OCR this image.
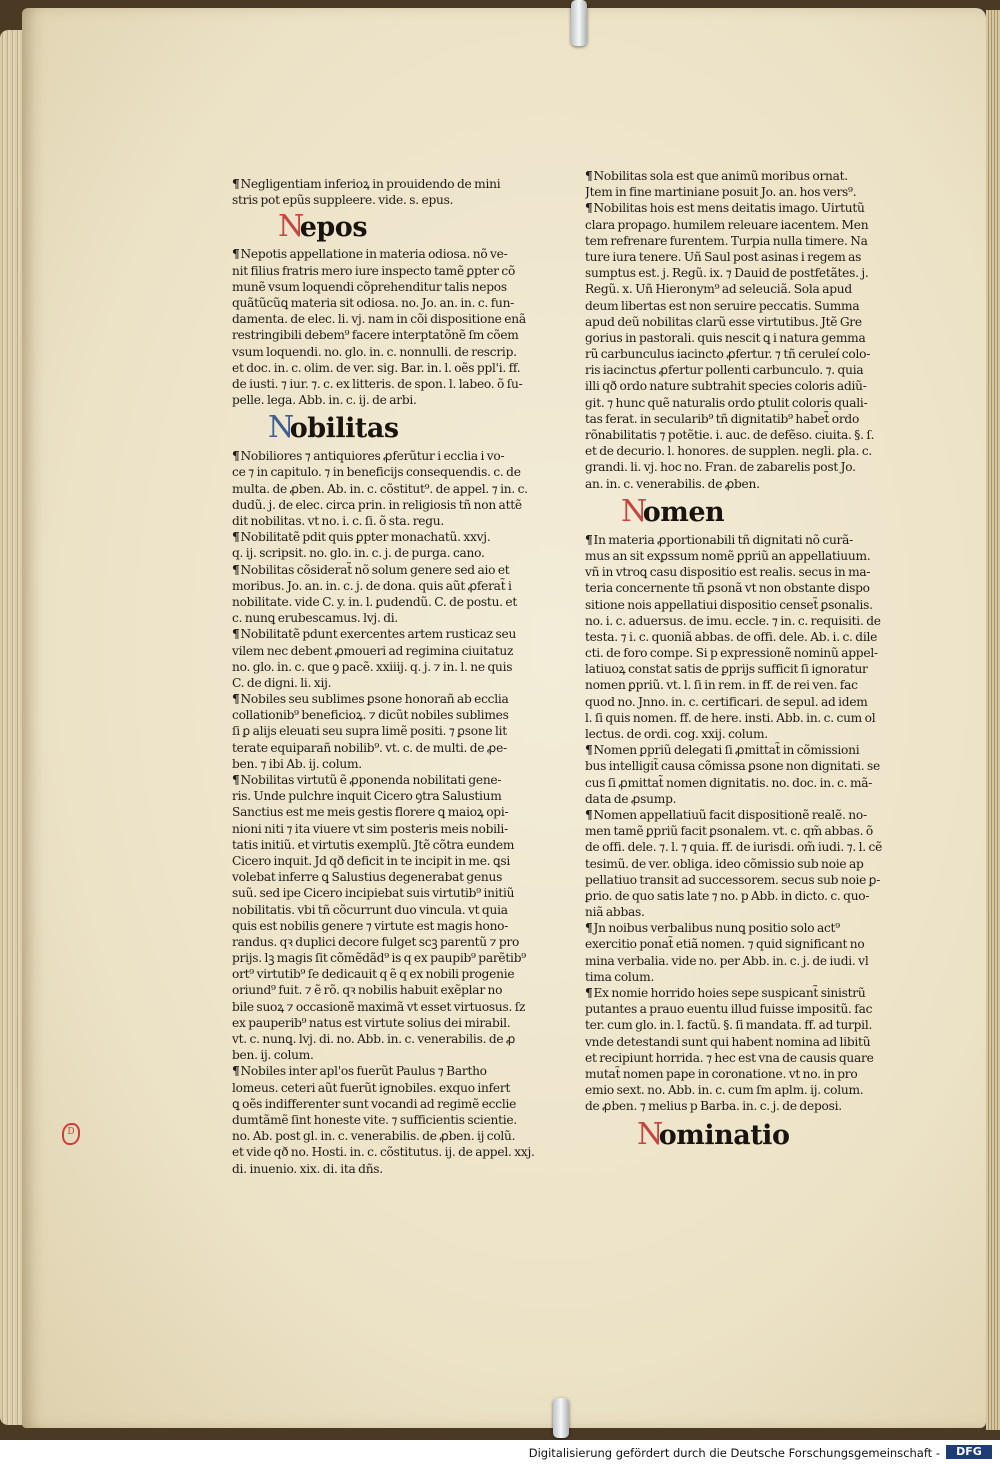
D
¶Negligentiam inferioꝝ in prouidendo de mini
stris pot epũs suppleere. vide. s. epus.
Nepos
¶Nepotis appellatione in materia odiosa. nõ ve-
nit filius fratris mero iure inspecto tamẽ ꝑpter cõ
munẽ vsum loquendi cõprehenditur talis nepos
quãtũcũꝗ materia sit odiosa. no. Jo. an. in. c. fun-
damenta. de elec. li. vj. nam in cõi dispositione enã
restringibili debem⁹ facere interptatõnẽ ſm cõem
vsum loquendi. no. glo. in. c. nonnulli. de rescrip.
et doc. in. c. olim. de ver. sig. Bar. in. l. oẽs ppl'i. ff.
de iusti. ⁊ iur. ⁊. c. ex litteris. de spon. l. labeo. õ ſu-
pelle. lega. Abb. in. c. ij. de arbi.
Nobilitas
¶Nobiliores ⁊ antiquiores ꝓferũtur i ecclia i vo-
ce ⁊ in capitulo. ⁊ in beneficijs consequendis. c. de
multa. de ꝓben. Ab. in. c. cõstitut⁹. de appel. ⁊ in. c.
dudũ. j. de elec. circa prin. in religiosis tñ non attẽ
dit nobilitas. vt no. i. c. ſi. õ sta. regu.
¶Nobilitatẽ pdit quis ꝑpter monachatũ. xxvj.
q. ij. scripsit. no. glo. in. c. j. de purga. cano.
¶Nobilitas cõsiderat̃ nõ solum genere sed aio et
moribus. Jo. an. in. c. j. de dona. quis aũt ꝓferat̃ i
nobilitate. vide C. y. in. l. ꝑudendũ. C. de postu. et
c. nunꝗ erubescamus. lvj. di.
¶Nobilitatẽ pdunt exercentes artem rusticaz seu
vilem nec debent ꝓmoueri ad regimina ciuitatuz
no. glo. in. c. que ꝯ pacẽ. xxiiij. q. j. ⁊ in. l. ne quis
C. de digni. li. xij.
¶Nobiles seu sublimes ꝑsone honorañ ab ecclia
collationib⁹ beneficioꝝ. ⁊ dicũt nobiles sublimes
ſi ꝑ alijs eleuati seu supra limẽ positi. ⁊ ꝑsone lit
terate equiparañ nobilib⁹. vt. c. de multi. de ꝓe-
ben. ⁊ ibi Ab. ij. colum.
¶Nobilitas virtutũ ẽ ꝓponenda nobilitati gene-
ris. Unde pulchre inquit Cicero ꝯtra Salustium
Sanctius est me meis gestis florere ꝗ maioꝝ opi-
nioni niti ⁊ ita viuere vt sim posteris meis nobili-
tatis initiũ. et virtutis exemplũ. Jtẽ cõtra eundem
Cicero inquit. Jd qð deficit in te incipit in me. ꝗsi
volebat inferre ꝗ Salustius degenerabat genus
suũ. sed ipe Cicero incipiebat suis virtutib⁹ initiũ
nobilitatis. vbi tñ cõcurrunt duo vincula. vt quia
quis est nobilis genere ⁊ virtute est magis hono-
randus. qꝛ duplici decore fulget scꝫ parentũ ⁊ pro
prijs. lꝫ magis ſit cõmẽdãd⁹ is q ex paupib⁹ parẽtib⁹
ort⁹ virtutib⁹ ſe dedicauit q ẽ q ex nobili progenie
oriund⁹ fuit. ⁊ ẽ rõ. qꝛ nobilis habuit exẽplar no
bile suoꝝ ⁊ occasionẽ maximã vt esset virtuosus. ſz
ex pauperib⁹ natus est virtute solius dei mirabil.
vt. c. nunꝗ. lvj. di. no. Abb. in. c. venerabilis. de ꝓ
ben. ij. colum.
¶Nobiles inter apl'os fuerũt Paulus ⁊ Bartho
lomeus. ceteri aũt fuerũt ignobiles. exquo infert
ꝗ oẽs indifferenter sunt vocandi ad regimẽ ecclie
dumtãmẽ ſint honeste vite. ⁊ sufficientis scientie.
no. Ab. post gl. in. c. venerabilis. de ꝓben. ij colũ.
et vide qð no. Hosti. in. c. cõstitutus. ij. de appel. xxj.
di. inuenio. xix. di. ita dñs.
¶Nobilitas sola est que animũ moribus ornat.
Jtem in fine martiniane posuit Jo. an. hos vers⁹.
¶Nobilitas hois est mens deitatis imago. Uirtutũ
clara propago. humilem releuare iacentem. Men
tem refrenare furentem. Turpia nulla timere. Na
ture iura tenere. Uñ Saul post asinas i regem as
sumptus est. j. Regũ. ix. ⁊ Dauid de postfetãtes. j.
Regũ. x. Uñ Hieronym⁹ ad seleuciã. Sola apud
deum libertas est non seruire peccatis. Summa
apud deũ nobilitas clarũ esse virtutibus. Jtẽ Gre
gorius in pastorali. quis nescit ꝗ i natura gemma
rũ carbunculus iacincto ꝓfertur. ⁊ tñ ceruleí colo-
ris iacinctus ꝓfertur pollenti carbunculo. ⁊. quia
illi qð ordo nature subtrahit species coloris adiũ-
git. ⁊ hunc quẽ naturalis ordo ꝑtulit coloris quali-
tas ferat. in secularib⁹ tñ dignitatib⁹ habet̃ ordo
rõnabilitatis ⁊ potẽtie. i. auc. de defẽso. ciuita. §. ſ.
et de decurio. l. honores. de supplen. negli. ꝑla. c.
grandi. li. vj. hoc no. Fran. de zabarelis post Jo.
an. in. c. venerabilis. de ꝓben.
Nomen
¶In materia ꝓportionabili tñ dignitati nõ curã-
mus an sit exꝑssum nomẽ ꝑpriũ an appellatiuum.
vñ in vtroꝗ casu dispositio est realis. secus in ma-
teria concernente tñ ꝑsonã vt non obstante dispo
sitione nois appellatiui dispositio censet̃ ꝑsonalis.
no. i. c. aduersus. de imu. eccle. ⁊ in. c. requisiti. de
testa. ⁊ i. c. quoniã abbas. de offi. dele. Ab. i. c. dile
cti. de foro compe. Si p expressionẽ nominũ appel-
latiuoꝝ constat satis de ꝑprijs sufficit ſi ignoratur
nomen ꝑpriũ. vt. l. ſi in rem. in ff. de rei ven. fac
quod no. Jnno. in. c. certificari. de sepul. ad idem
l. ſi quis nomen. ff. de here. insti. Abb. in. c. cum ol
lectus. de ordi. cog. xxij. colum.
¶Nomen ꝑpriũ delegati ſi ꝓmittat̃ in cõmissioni
bus intelligit̃ causa cõmissa ꝑsone non dignitati. se
cus ſi ꝓmittat̃ nomen dignitatis. no. doc. in. c. mã-
data de ꝓsump.
¶Nomen appellatiuũ facit dispositionẽ realẽ. no-
men tamẽ ꝑpriũ facit ꝑsonalem. vt. c. qm̃ abbas. õ
de offi. dele. ⁊. l. ⁊ quia. ff. de iurisdi. om̃ iudi. ⁊. l. cẽ
tesimũ. de ver. obliga. ideo cõmissio sub noie ap
pellatiuo transit ad successorem. secus sub noie ꝑ-
ꝑrio. de quo satis late ⁊ no. p Abb. in dicto. c. quo-
niã abbas.
¶Jn noibus verbalibus nunꝗ positio solo act⁹
exercitio ponat̃ etiã nomen. ⁊ quid significant no
mina verbalia. vide no. per Abb. in. c. j. de iudi. vl
tima colum.
¶Ex nomie horrido hoies sepe suspicant̃ sinistrũ
putantes a prauo euentu illud fuisse impositũ. fac
ter. cum glo. in. l. factũ. §. ſi mandata. ff. ad turpil.
vnde detestandi sunt qui habent nomina ad libitũ
et recipiunt horrida. ⁊ hec est vna de causis quare
mutat̃ nomen pape in coronatione. vt no. in pro
emio sext. no. Abb. in. c. cum ſm aplm. ij. colum.
de ꝓben. ⁊ melius p Barba. in. c. j. de deposi.
Nominatio
Digitalisierung gefördert durch die Deutsche Forschungsgemeinschaft -	DFG
